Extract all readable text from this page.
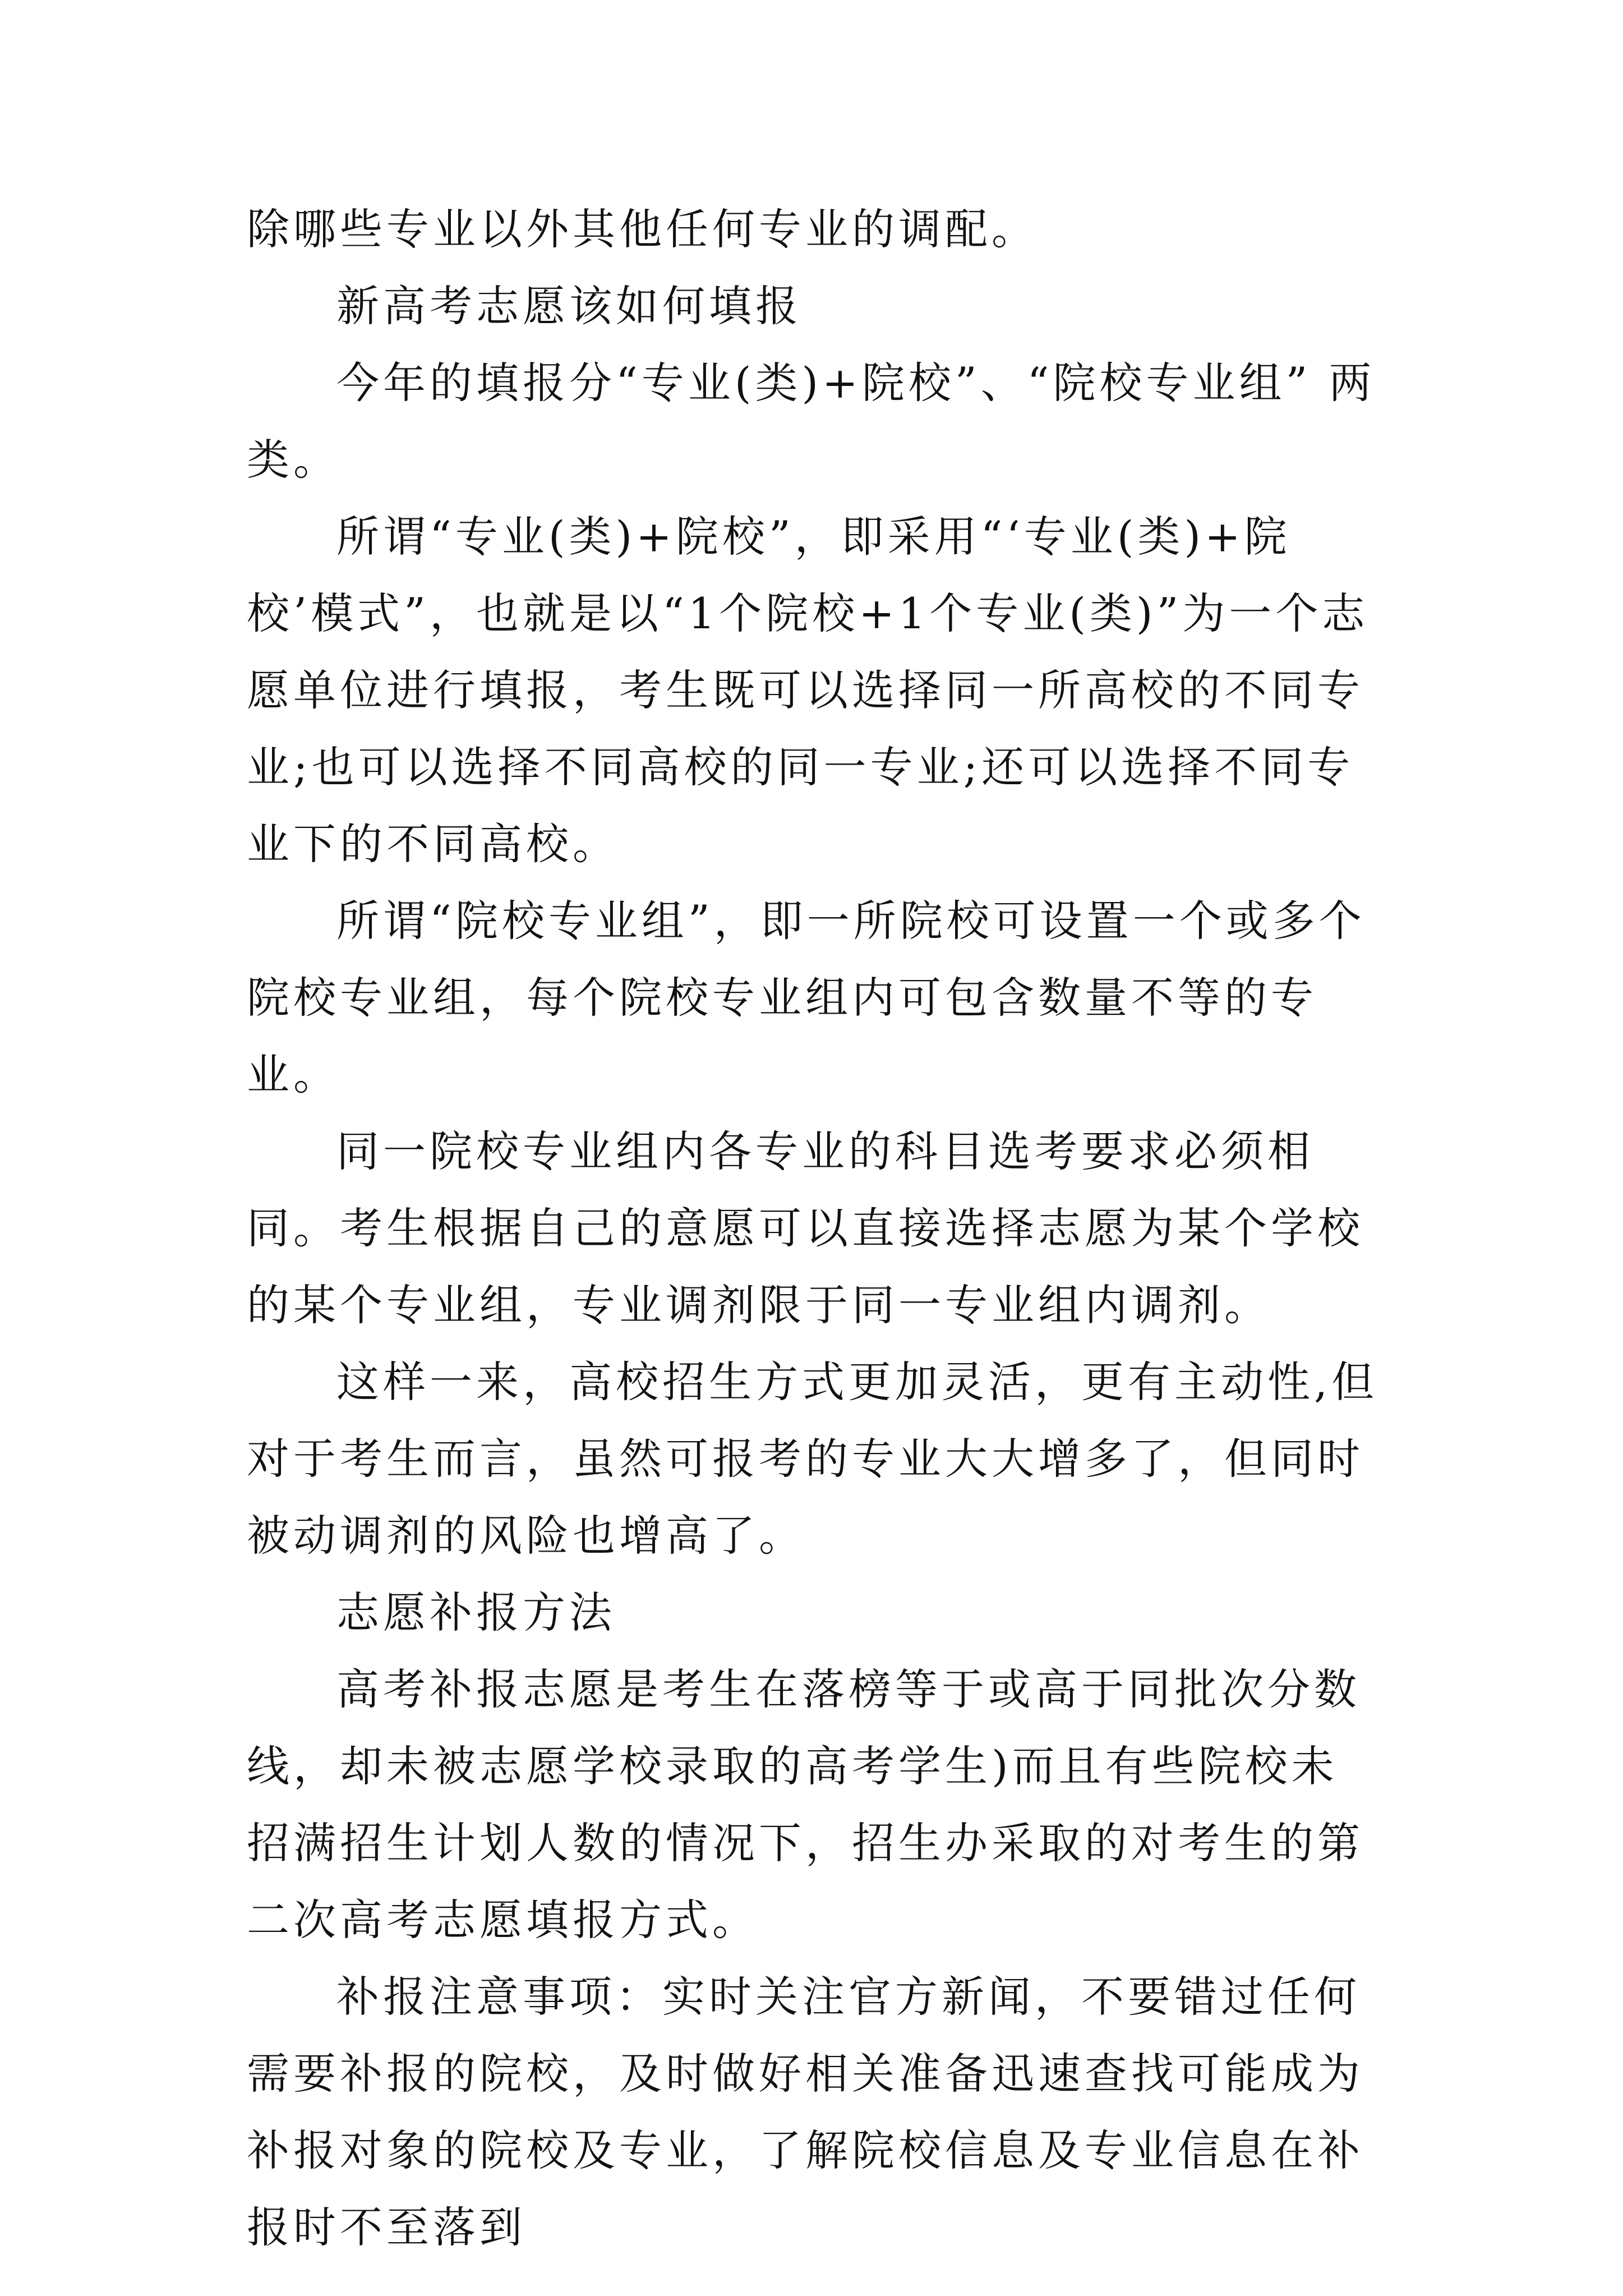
除哪些专业以外其他任何专业的调配。

新高考志愿该如何填报

今年的填报分“专业(类)+院校”、“院校专业组” 两类。

所谓“专业(类)+院校”，即采用“‘专业(类)+院校’模式”，也就是以“1个院校+1个专业(类)”为一个志愿单位进行填报，考生既可以选择同一所高校的不同专业;也可以选择不同高校的同一专业;还可以选择不同专业下的不同高校。

所谓“院校专业组”，即一所院校可设置一个或多个院校专业组，每个院校专业组内可包含数量不等的专业。

同一院校专业组内各专业的科目选考要求必须相同。考生根据自己的意愿可以直接选择志愿为某个学校的某个专业组，专业调剂限于同一专业组内调剂。

这样一来，高校招生方式更加灵活，更有主动性,但对于考生而言，虽然可报考的专业大大增多了，但同时被动调剂的风险也增高了。

志愿补报方法

高考补报志愿是考生在落榜等于或高于同批次分数线，却未被志愿学校录取的高考学生)而且有些院校未招满招生计划人数的情况下，招生办采取的对考生的第二次高考志愿填报方式。

补报注意事项：实时关注官方新闻，不要错过任何需要补报的院校，及时做好相关准备迅速查找可能成为补报对象的院校及专业，了解院校信息及专业信息在补报时不至落到
